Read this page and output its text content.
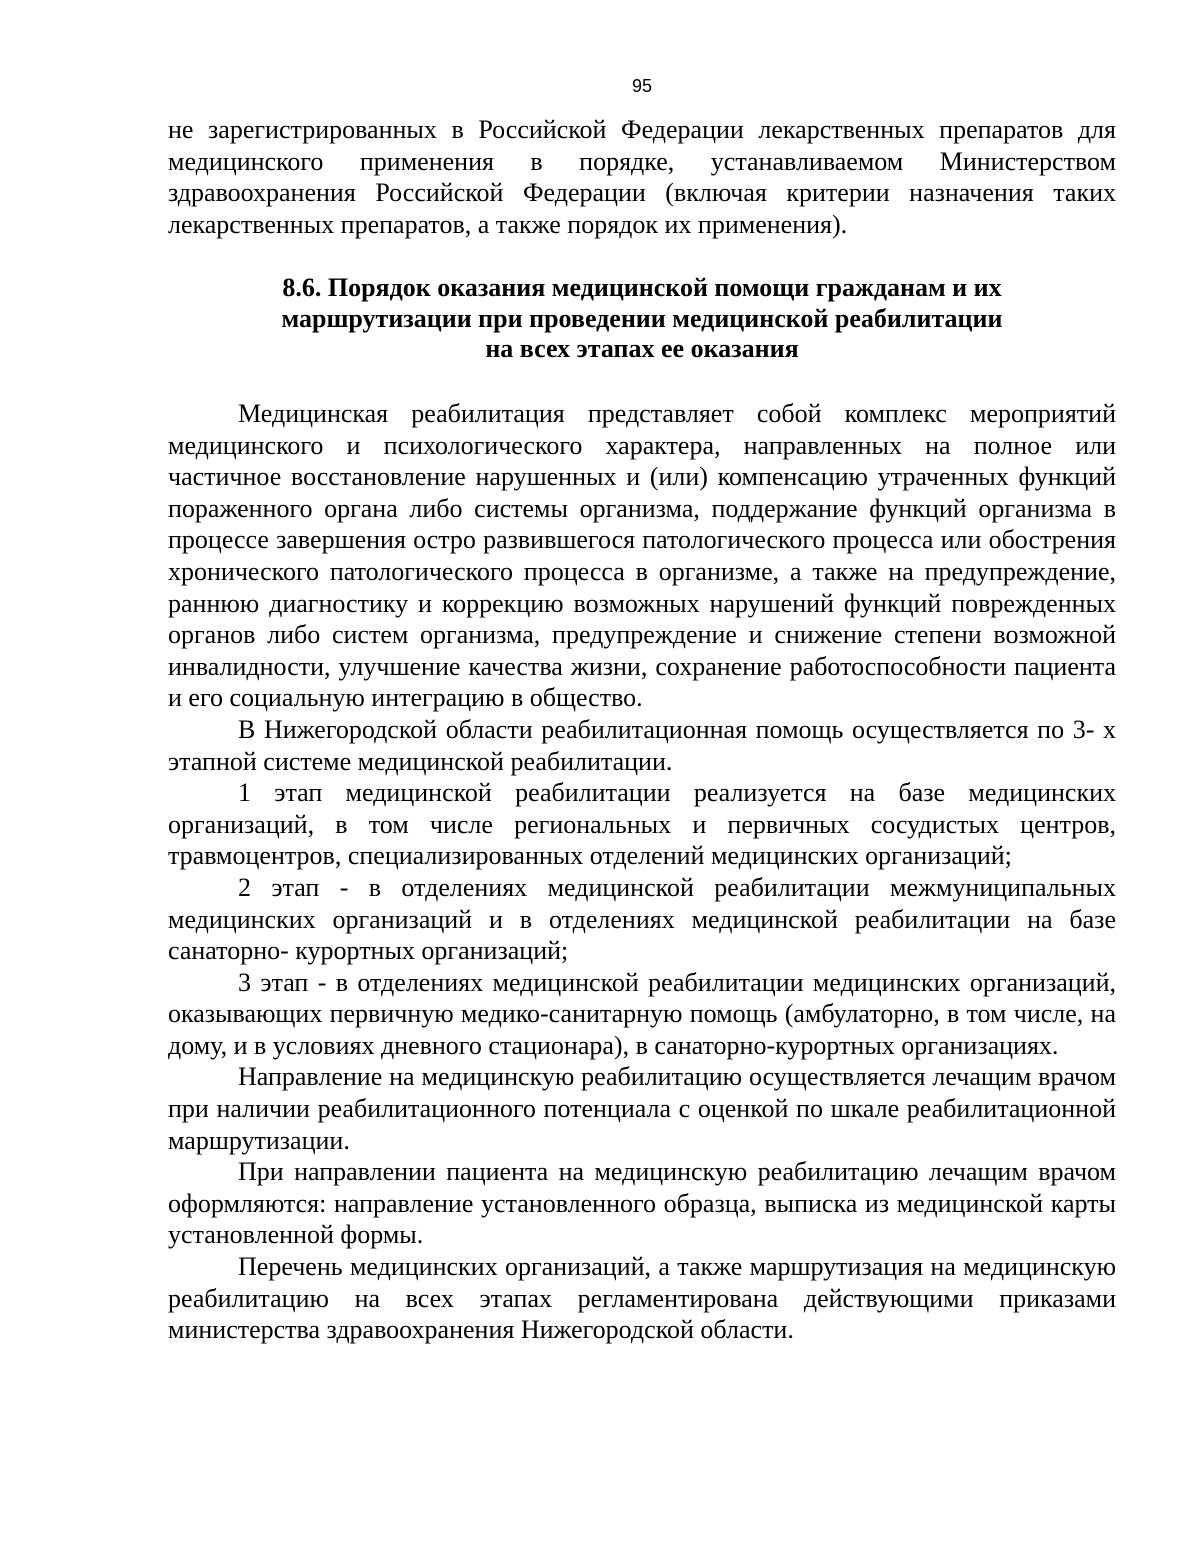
95

не зарегистрированных в Российской Федерации лекарственных препаратов для медицинского применения в порядке, устанавливаемом Министерством здравоохранения Российской Федерации (включая критерии назначения таких лекарственных препаратов, а также порядок их применения).

8.6. Порядок оказания медицинской помощи гражданам и их
маршрутизации при проведении медицинской реабилитации
на всех этапах ее оказания

Медицинская реабилитация представляет собой комплекс мероприятий медицинского и психологического характера, направленных на полное или частичное восстановление нарушенных и (или) компенсацию утраченных функций пораженного органа либо системы организма, поддержание функций организма в процессе завершения остро развившегося патологического процесса или обострения хронического патологического процесса в организме, а также на предупреждение, раннюю диагностику и коррекцию возможных нарушений функций поврежденных органов либо систем организма, предупреждение и снижение степени возможной инвалидности, улучшение качества жизни, сохранение работоспособности пациента и его социальную интеграцию в общество.

В Нижегородской области реабилитационная помощь осуществляется по 3- х этапной системе медицинской реабилитации.

1 этап медицинской реабилитации реализуется на базе медицинских организаций, в том числе региональных и первичных сосудистых центров, травмоцентров, специализированных отделений медицинских организаций;

2 этап - в отделениях медицинской реабилитации межмуниципальных медицинских организаций и в отделениях медицинской реабилитации на базе санаторно- курортных организаций;

3 этап - в отделениях медицинской реабилитации медицинских организаций, оказывающих первичную медико-санитарную помощь (амбулаторно, в том числе, на дому, и в условиях дневного стационара), в санаторно-курортных организациях.

Направление на медицинскую реабилитацию осуществляется лечащим врачом при наличии реабилитационного потенциала с оценкой по шкале реабилитационной маршрутизации.

При направлении пациента на медицинскую реабилитацию лечащим врачом оформляются: направление установленного образца, выписка из медицинской карты установленной формы.

Перечень медицинских организаций, а также маршрутизация на медицинскую реабилитацию на всех этапах регламентирована действующими приказами министерства здравоохранения Нижегородской области.
